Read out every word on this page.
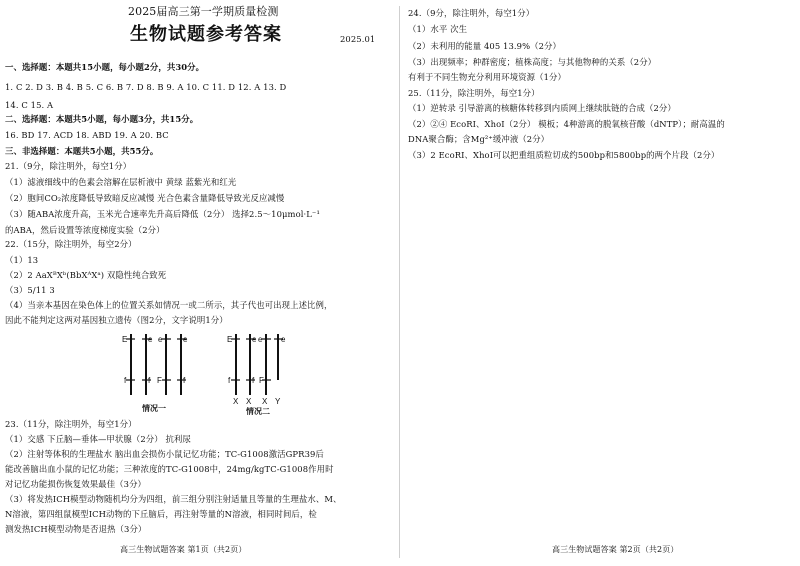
2025届高三第一学期质量检测
生物试题参考答案	2025.01
一、选择题：本题共15小题，每小题2分，共30分。
1. C 2. D 3. B 4. B 5. C 6. B 7. D 8. B 9. A 10. C 11. D 12. A 13. D
14. C 15. A
二、选择题：本题共5小题，每小题3分，共15分。
16. BD 17. ACD 18. ABD 19. A 20. BC
三、非选择题：本题共5小题，共55分。
21.（9分，除注明外，每空1分）
（1）滤液细线中的色素会溶解在层析液中 黄绿 蓝紫光和红光
（2）胞间CO₂浓度降低导致暗反应减慢 光合色素含量降低导致光反应减慢
（3）随ABA浓度升高，玉米光合速率先升高后降低（2分） 选择2.5～10μmol·L⁻¹
的ABA，然后设置等浓度梯度实验（2分）
22.（15分，除注明外，每空2分）
（1）13
（2）2 AaXᴮXᵇ(BbXᴬXᵃ) 双隐性纯合致死
（3）5/11 3
（4）当亲本基因在染色体上的位置关系如情况一或二所示，其子代也可出现上述比例，
因此不能判定这两对基因独立遗传（图2分，文字说明1分）
E	e e	e
f	f F	f
E e e e
f	f F
X X X Y
情况一	情况二
23.（11分，除注明外，每空1分）
（1）交感 下丘脑—垂体—甲状腺（2分） 抗利尿
（2）注射等体积的生理盐水 脑出血会损伤小鼠记忆功能；TC-G1008激活GPR39后
能改善脑出血小鼠的记忆功能；三种浓度的TC-G1008中，24mg/kgTC-G1008作用时
对记忆功能损伤恢复效果最佳（3分）
（3）将发热ICH模型动物随机均分为四组，前三组分别注射适量且等量的生理盐水、M、
N溶液，第四组鼠模型ICH动物的下丘脑后，再注射等量的N溶液，相同时间后，检
测发热ICH模型动物是否退热（3分）
高三生物试题答案 第1页（共2页）
24.（9分，除注明外，每空1分）
（1）水平 次生
（2）未利用的能量 405 13.9%（2分）
（3）出现频率；种群密度；植株高度；与其他物种的关系（2分）
有利于不同生物充分利用环境资源（1分）
25.（11分，除注明外，每空1分）
（1）逆转录 引导游离的核糖体转移到内质网上继续肽链的合成（2分）
（2）②④ EcoRⅠ、XhoⅠ（2分） 模板；4种游离的脱氧核苷酸（dNTP）；耐高温的
DNA聚合酶；含Mg²⁺缓冲液（2分）
（3）2 EcoRⅠ、XhoⅠ可以把重组质粒切成约500bp和5800bp的两个片段（2分）
高三生物试题答案 第2页（共2页）
